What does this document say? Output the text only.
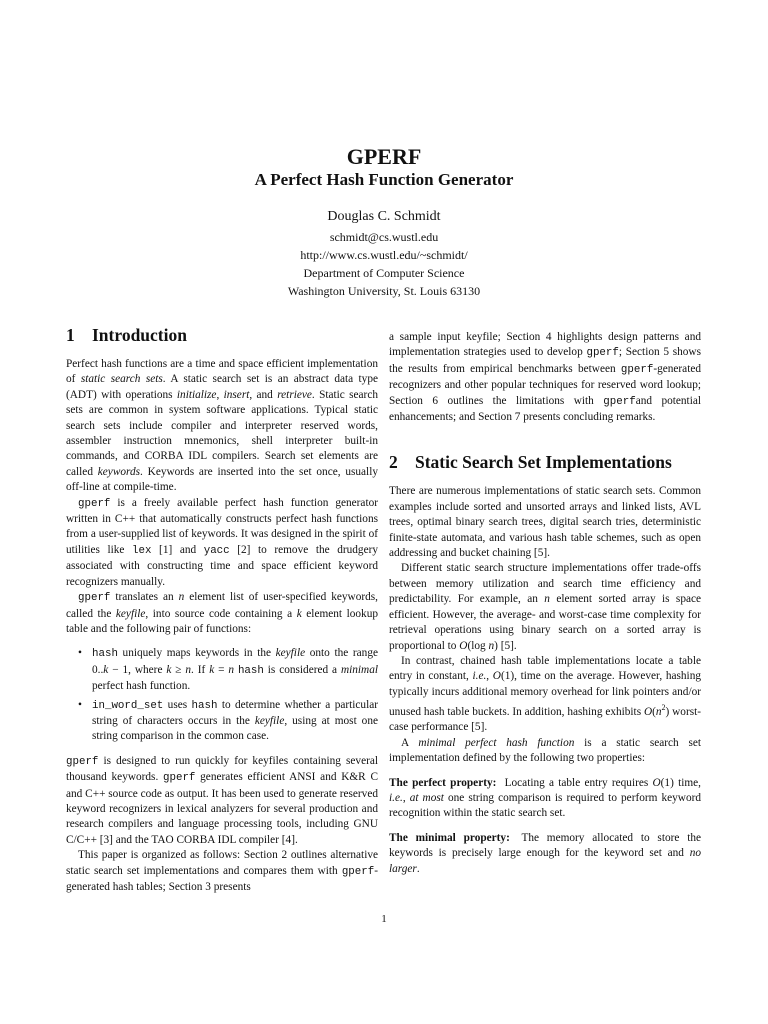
GPERF
A Perfect Hash Function Generator
Douglas C. Schmidt
schmidt@cs.wustl.edu
http://www.cs.wustl.edu/~schmidt/
Department of Computer Science
Washington University, St. Louis 63130
1 Introduction

Perfect hash functions are a time and space efficient implementation of static search sets. A static search set is an abstract data type (ADT) with operations initialize, insert, and retrieve. Static search sets are common in system software applications. Typical static search sets include compiler and interpreter reserved words, assembler instruction mnemonics, shell interpreter built-in commands, and CORBA IDL compilers. Search set elements are called keywords. Keywords are inserted into the set once, usually off-line at compile-time.

gperf is a freely available perfect hash function generator written in C++ that automatically constructs perfect hash functions from a user-supplied list of keywords. It was designed in the spirit of utilities like lex [1] and yacc [2] to remove the drudgery associated with constructing time and space efficient keyword recognizers manually.

gperf translates an n element list of user-specified keywords, called the keyfile, into source code containing a k element lookup table and the following pair of functions:

• hash uniquely maps keywords in the keyfile onto the range 0..k − 1, where k ≥ n. If k = n hash is considered a minimal perfect hash function.
• in_word_set uses hash to determine whether a particular string of characters occurs in the keyfile, using at most one string comparison in the common case.

gperf is designed to run quickly for keyfiles containing several thousand keywords. gperf generates efficient ANSI and K&R C and C++ source code as output. It has been used to generate reserved keyword recognizers in lexical analyzers for several production and research compilers and language processing tools, including GNU C/C++ [3] and the TAO CORBA IDL compiler [4].

This paper is organized as follows: Section 2 outlines alternative static search set implementations and compares them with gperf-generated hash tables; Section 3 presents

a sample input keyfile; Section 4 highlights design patterns and implementation strategies used to develop gperf; Section 5 shows the results from empirical benchmarks between gperf-generated recognizers and other popular techniques for reserved word lookup; Section 6 outlines the limitations with gperfand potential enhancements; and Section 7 presents concluding remarks.

2 Static Search Set Implementations

There are numerous implementations of static search sets. Common examples include sorted and unsorted arrays and linked lists, AVL trees, optimal binary search trees, digital search tries, deterministic finite-state automata, and various hash table schemes, such as open addressing and bucket chaining [5].

Different static search structure implementations offer trade-offs between memory utilization and search time efficiency and predictability. For example, an n element sorted array is space efficient. However, the average- and worst-case time complexity for retrieval operations using binary search on a sorted array is proportional to O(log n) [5].

In contrast, chained hash table implementations locate a table entry in constant, i.e., O(1), time on the average. However, hashing typically incurs additional memory overhead for link pointers and/or unused hash table buckets. In addition, hashing exhibits $O(n^2)$ worst-case performance [5].

A minimal perfect hash function is a static search set implementation defined by the following two properties:

The perfect property: Locating a table entry requires O(1) time, i.e., at most one string comparison is required to perform keyword recognition within the static search set.

The minimal property: The memory allocated to store the keywords is precisely large enough for the keyword set and no larger.

1
